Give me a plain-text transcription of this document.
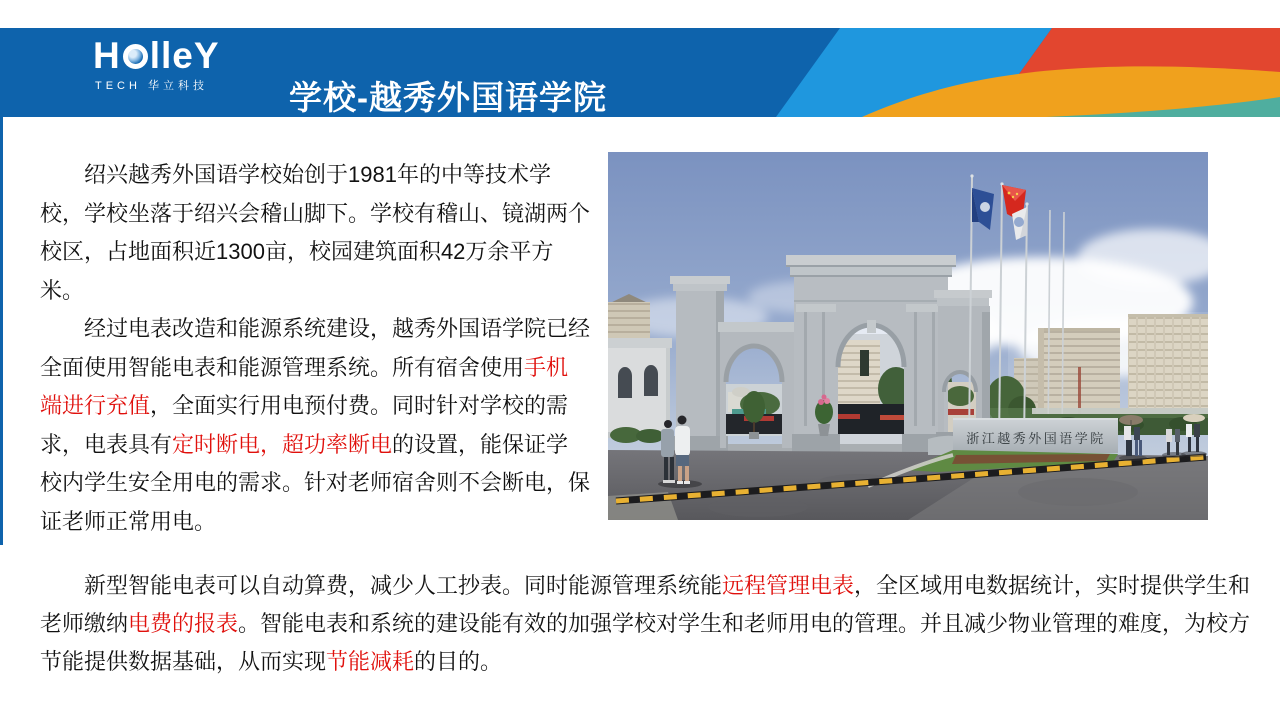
H lleY
TECH 华立科技	学校-越秀外国语学院

绍兴越秀外国语学校始创于1981年的中等技术学校，学校坐落于绍兴会稽山脚下。学校有稽山、镜湖两个校区，占地面积近1300亩，校园建筑面积42万余平方米。

经过电表改造和能源系统建设，越秀外国语学院已经全面使用智能电表和能源管理系统。所有宿舍使用手机端进行充值，全面实行用电预付费。同时针对学校的需求，电表具有定时断电，超功率断电的设置，能保证学校内学生安全用电的需求。针对老师宿舍则不会断电，保证老师正常用电。

新型智能电表可以自动算费，减少人工抄表。同时能源管理系统能远程管理电表，全区域用电数据统计，实时提供学生和老师缴纳电费的报表。智能电表和系统的建设能有效的加强学校对学生和老师用电的管理。并且减少物业管理的难度，为校方节能提供数据基础，从而实现节能减耗的目的。

浙江越秀外国语学院
